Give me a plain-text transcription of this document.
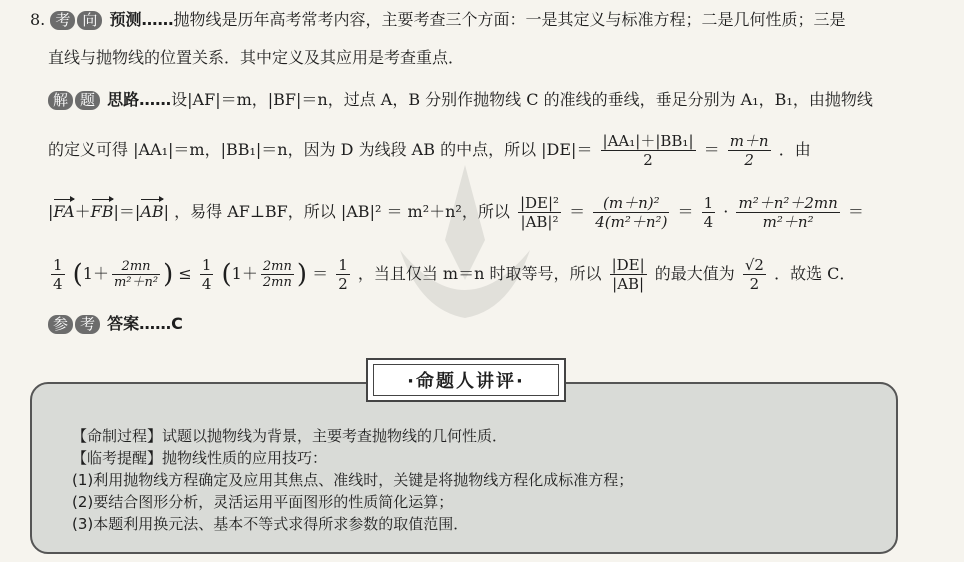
8. 考 向 预测……抛物线是历年高考常考内容，主要考查三个方面：一是其定义与标准方程；二是几何性质；三是
直线与抛物线的位置关系．其中定义及其应用是考查重点．
解 题 思路……设|AF|＝m，|BF|＝n，过点 A，B 分别作抛物线 C 的准线的垂线，垂足分别为 A₁，B₁，由抛物线
的定义可得 |AA₁|＝m，|BB₁|＝n，因为 D 为线段 AB 的中点，所以 $|DE|= \frac{\text{|AA₁|＋|BB₁|}}{2} = \frac{m+n}{2}$ ．由
|FA＋FB|＝|AB| ，易得 AF⊥BF，所以 |AB|² ＝ m²＋n²，所以 $\frac{\text{|DE|²}}{\text{|AB|²}} = \frac{\text{(m＋n)²}}{\text{4(m²＋n²)}} = \frac{1}{4} \cdot \frac{\text{m²＋n²＋2mn}}{\text{m²＋n²}}$ ＝
$\frac{1}{4} (1+ \frac{2mn}{\text{m²＋n²}}$ ) ≤ $\frac{1}{4} (1+ \frac{2mn}{2mn}$ ) ＝ $\frac{1}{2}$ ，当且仅当 m＝n 时取等号，所以 $\frac{|DE|}{|AB|}$ 的最大值为 $\frac{√2}{2}$ ．故选 C．
参 考 答案……C
·命题人讲评·
【命制过程】试题以抛物线为背景，主要考查抛物线的几何性质．
【临考提醒】抛物线性质的应用技巧：
(1)利用抛物线方程确定及应用其焦点、准线时，关键是将抛物线方程化成标准方程；
(2)要结合图形分析，灵活运用平面图形的性质简化运算；
(3)本题利用换元法、基本不等式求得所求参数的取值范围．
